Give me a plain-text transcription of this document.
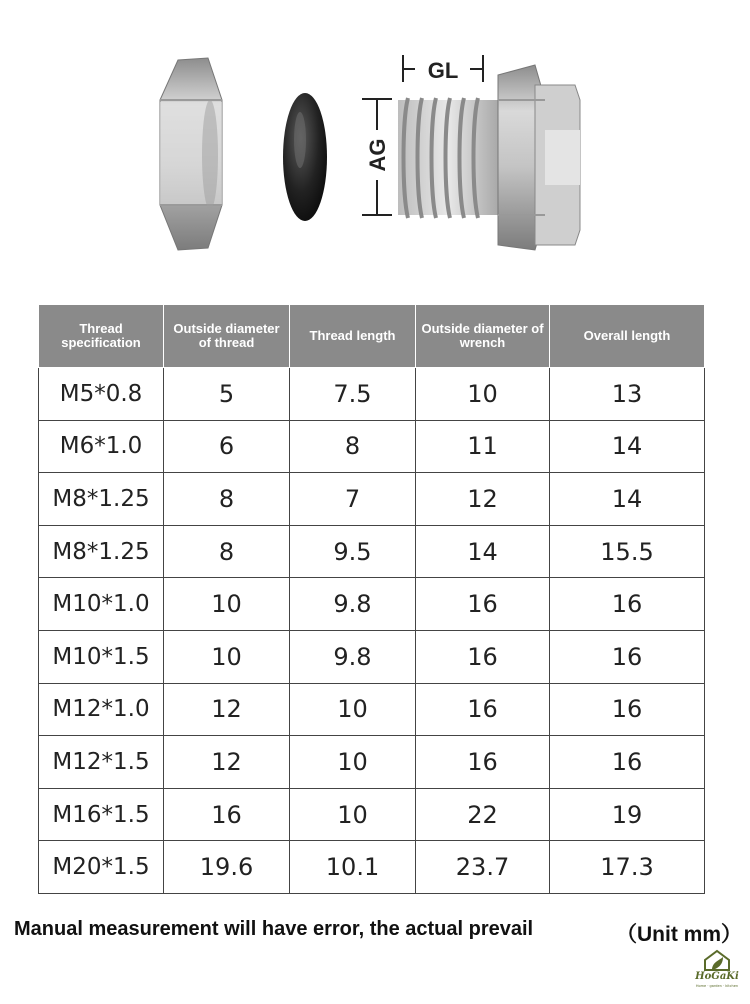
GL
AG
Thread specification	Outside diameter of thread	Thread length	Outside diameter of wrench	Overall length
M5*0.8	5	7.5	10	13
M6*1.0	6	8	11	14
M8*1.25	8	7	12	14
M8*1.25	8	9.5	14	15.5
M10*1.0	10	9.8	16	16
M10*1.5	10	9.8	16	16
M12*1.0	12	10	16	16
M12*1.5	12	10	16	16
M16*1.5	16	10	22	19
M20*1.5	19.6	10.1	23.7	17.3
Manual measurement will have error, the actual prevail	（Unit mm）
HoGaKi
Home · garden · kitchen
